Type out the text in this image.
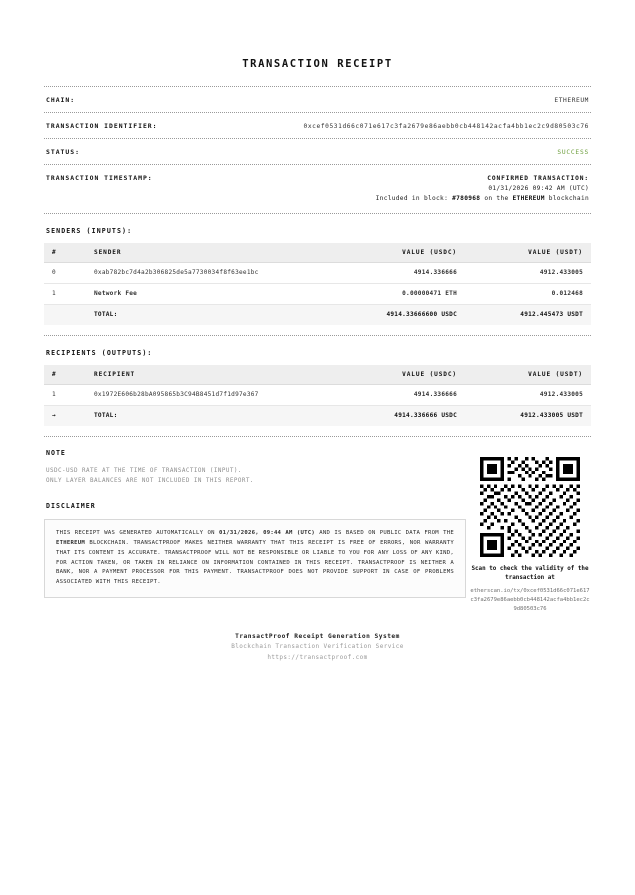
TRANSACTION RECEIPT
CHAIN:	ETHEREUM
TRANSACTION IDENTIFIER:	0xcef0531d66c071e617c3fa2679e86aebb0cb448142acfa4bb1ec2c9d80503c76
STATUS:	SUCCESS
TRANSACTION TIMESTAMP:	CONFIRMED TRANSACTION:
01/31/2026 09:42 AM (UTC)
Included in block: #780968 on the ETHEREUM blockchain
SENDERS (INPUTS):
#	SENDER	VALUE (USDC)	VALUE (USDT)
0	0xab782bc7d4a2b306825de5a7730034f8f63ee1bc	4914.336666	4912.433005
1	Network Fee	0.00000471 ETH	0.012468
	TOTAL:	4914.33666600 USDC	4912.445473 USDT
RECIPIENTS (OUTPUTS):
#	RECIPIENT	VALUE (USDC)	VALUE (USDT)
1	0x1972E606b28bA095865b3C94B8451d7f1d97e367	4914.336666	4912.433005
→	TOTAL:	4914.336666 USDC	4912.433005 USDT
NOTE
USDC-USD RATE AT THE TIME OF TRANSACTION (INPUT).
ONLY LAYER BALANCES ARE NOT INCLUDED IN THIS REPORT.
DISCLAIMER
THIS RECEIPT WAS GENERATED AUTOMATICALLY ON 01/31/2026, 09:44 AM (UTC) AND IS BASED ON PUBLIC DATA FROM THE ETHEREUM BLOCKCHAIN. TRANSACTPROOF MAKES NEITHER WARRANTY THAT THIS RECEIPT IS FREE OF ERRORS, NOR WARRANTY THAT ITS CONTENT IS ACCURATE. TRANSACTPROOF WILL NOT BE RESPONSIBLE OR LIABLE TO YOU FOR ANY LOSS OF ANY KIND, FOR ACTION TAKEN, OR TAKEN IN RELIANCE ON INFORMATION CONTAINED IN THIS RECEIPT. TRANSACTPROOF IS NEITHER A BANK, NOR A PAYMENT PROCESSOR FOR THIS PAYMENT. TRANSACTPROOF DOES NOT PROVIDE SUPPORT IN CASE OF PROBLEMS ASSOCIATED WITH THIS RECEIPT.
Scan to check the validity of the transaction at
etherscan.io/tx/0xcef0531d66c071e617c3fa2679e86aebb0cb448142acfa4bb1ec2c9d80503c76
TransactProof Receipt Generation System
Blockchain Transaction Verification Service
https://transactproof.com
